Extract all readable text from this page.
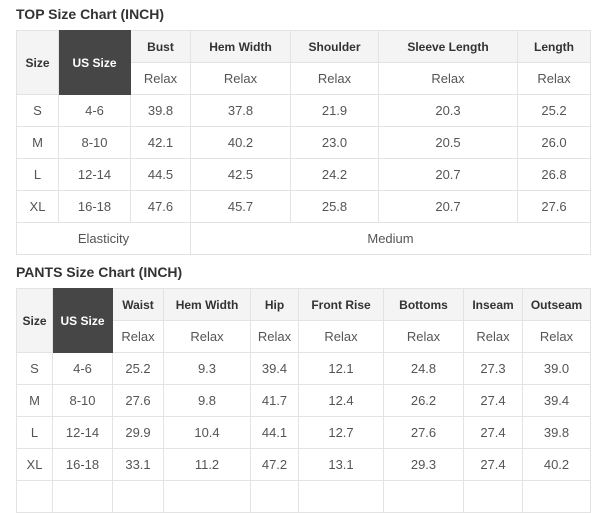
TOP Size Chart (INCH)
Size	US Size	Bust	Hem Width	Shoulder	Sleeve Length	Length
		Relax	Relax	Relax	Relax	Relax
S	4-6	39.8	37.8	21.9	20.3	25.2
M	8-10	42.1	40.2	23.0	20.5	26.0
L	12-14	44.5	42.5	24.2	20.7	26.8
XL	16-18	47.6	45.7	25.8	20.7	27.6
Elasticity			Medium			
PANTS Size Chart (INCH)
Size	US Size	Waist	Hem Width	Hip	Front Rise	Bottoms	Inseam	Outseam
		Relax	Relax	Relax	Relax	Relax	Relax	Relax
S	4-6	25.2	9.3	39.4	12.1	24.8	27.3	39.0
M	8-10	27.6	9.8	41.7	12.4	26.2	27.4	39.4
L	12-14	29.9	10.4	44.1	12.7	27.6	27.4	39.8
XL	16-18	33.1	11.2	47.2	13.1	29.3	27.4	40.2
